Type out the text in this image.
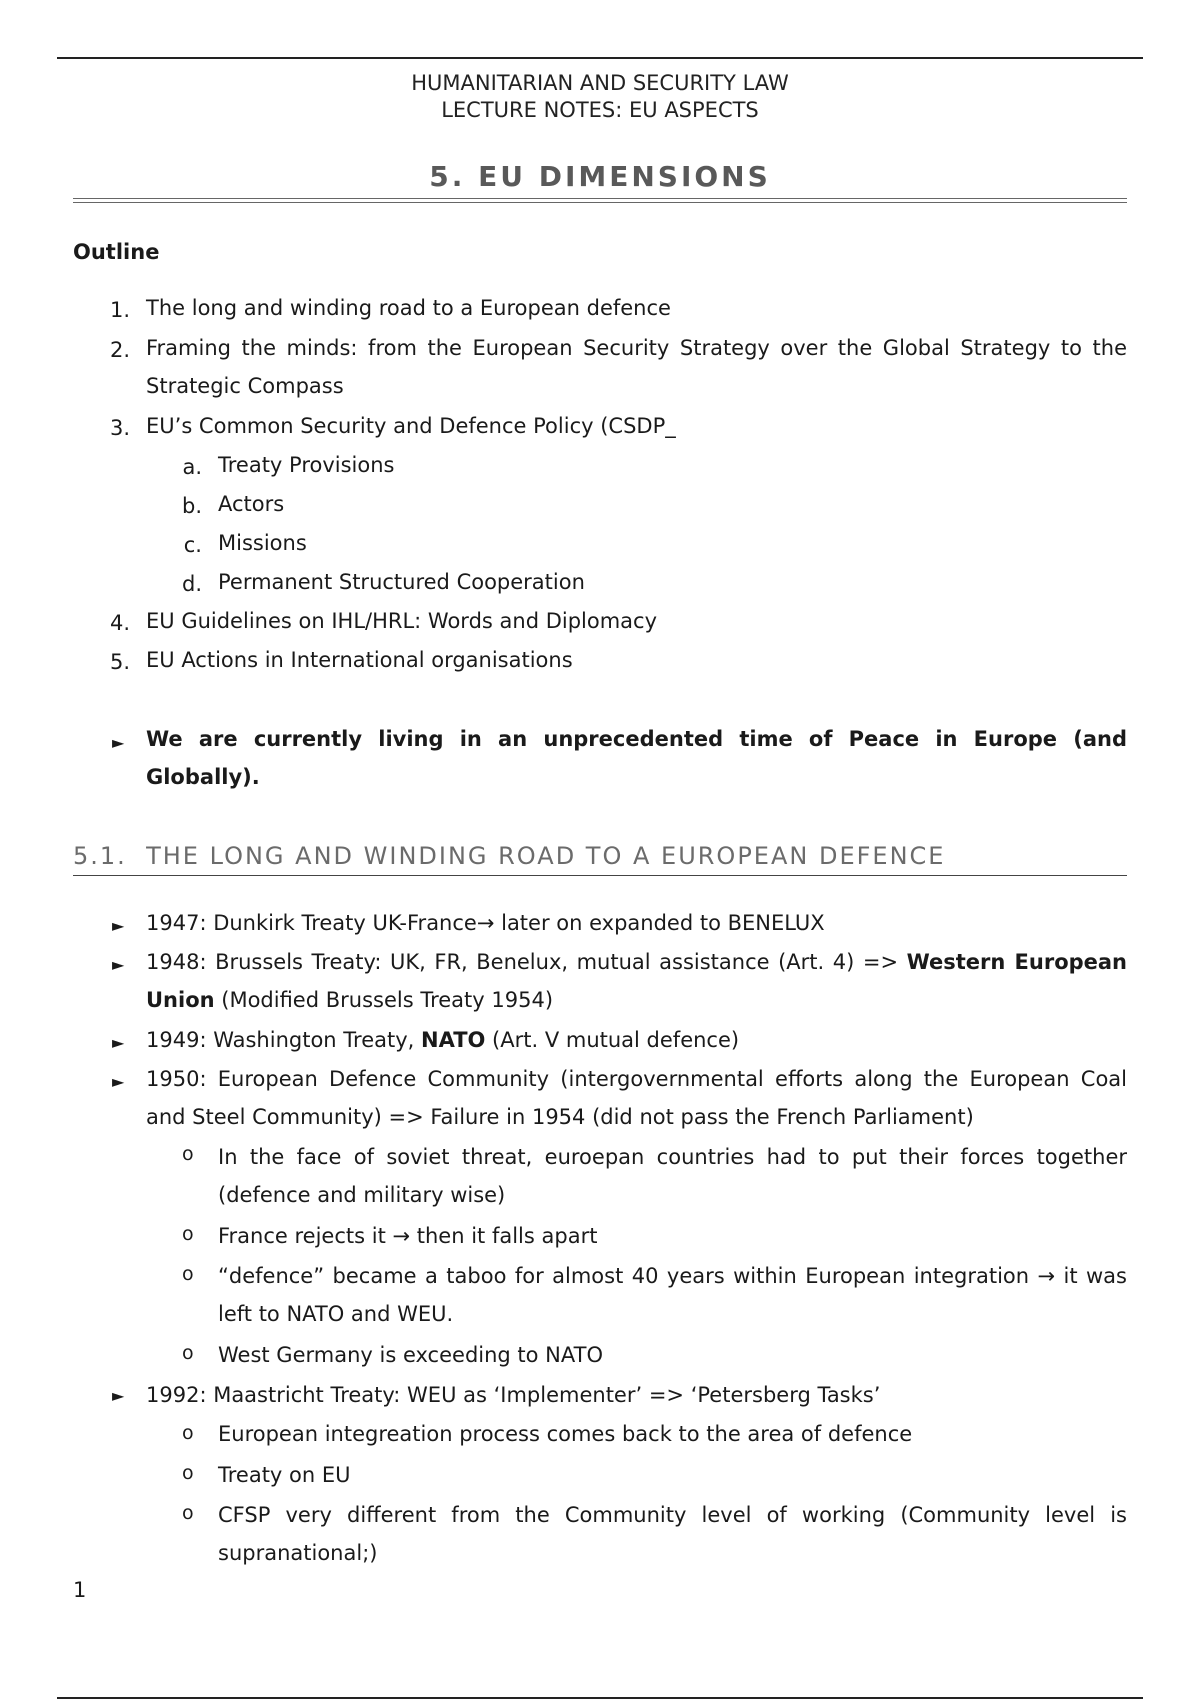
HUMANITARIAN AND SECURITY LAW
LECTURE NOTES: EU ASPECTS
5. EU DIMENSIONS
Outline
1. The long and winding road to a European defence
2. Framing the minds: from the European Security Strategy over the Global Strategy to the Strategic Compass
3. EU’s Common Security and Defence Policy (CSDP_
a. Treaty Provisions
b. Actors
c. Missions
d. Permanent Structured Cooperation
4. EU Guidelines on IHL/HRL: Words and Diplomacy
5. EU Actions in International organisations
► We are currently living in an unprecedented time of Peace in Europe (and Globally).
5.1. THE LONG AND WINDING ROAD TO A EUROPEAN DEFENCE
► 1947: Dunkirk Treaty UK-France→ later on expanded to BENELUX
► 1948: Brussels Treaty: UK, FR, Benelux, mutual assistance (Art. 4) => Western European Union (Modified Brussels Treaty 1954)
► 1949: Washington Treaty, NATO (Art. V mutual defence)
► 1950: European Defence Community (intergovernmental efforts along the European Coal and Steel Community) => Failure in 1954 (did not pass the French Parliament)
o In the face of soviet threat, euroepan countries had to put their forces together (defence and military wise)
o France rejects it → then it falls apart
o “defence” became a taboo for almost 40 years within European integration → it was left to NATO and WEU.
o West Germany is exceeding to NATO
► 1992: Maastricht Treaty: WEU as ‘Implementer’ => ‘Petersberg Tasks’
o European integreation process comes back to the area of defence
o Treaty on EU
o CFSP very different from the Community level of working (Community level is supranational;)
1
